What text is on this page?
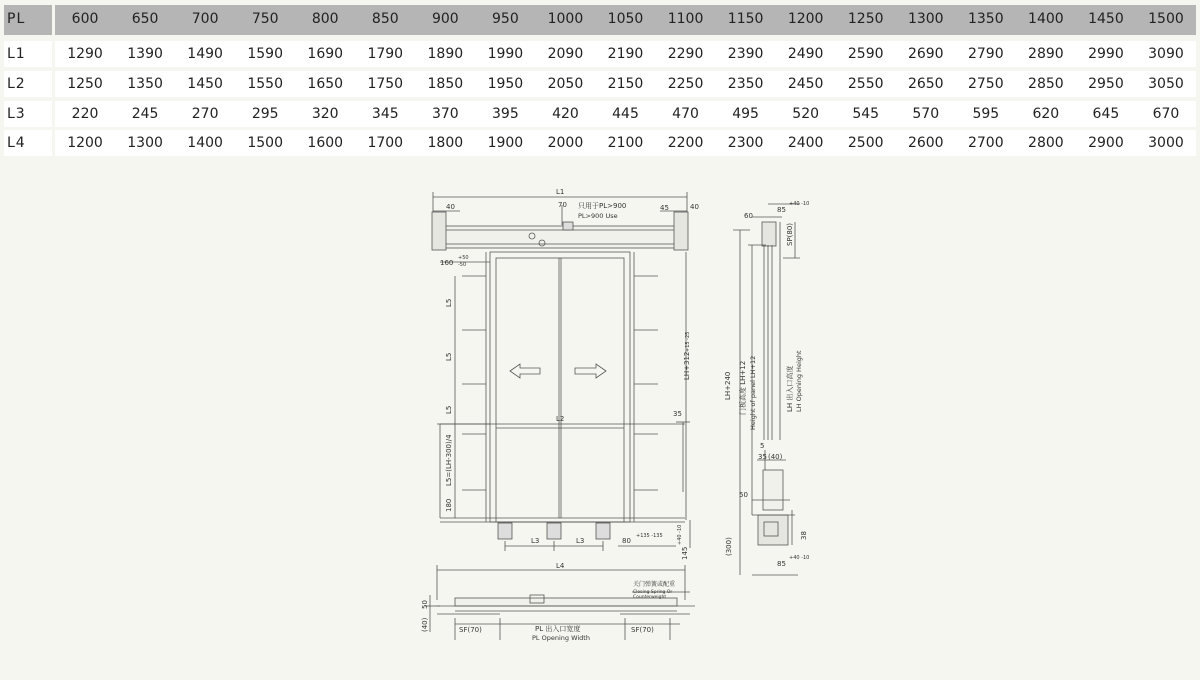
PL	600	650	700	750	800	850	900	950	1000	1050	1100	1150	1200	1250	1300	1350	1400	1450	1500
L1	1290	1390	1490	1590	1690	1790	1890	1990	2090	2190	2290	2390	2490	2590	2690	2790	2890	2990	3090
L2	1250	1350	1450	1550	1650	1750	1850	1950	2050	2150	2250	2350	2450	2550	2650	2750	2850	2950	3050
L3	220	245	270	295	320	345	370	395	420	445	470	495	520	545	570	595	620	645	670
L4	1200	1300	1400	1500	1600	1700	1800	1900	2000	2100	2200	2300	2400	2500	2600	2700	2800	2900	3000
L1
40	70 只用于PL>900
PL>900 Use
45	40
160
+50
-50
L5
L5
L5
L5=(LH-300)/4
180
L2
35
LH+312
+15 -25
L3	L3	80
+135 -135
145
+40 -10
60
85
+40 -10
SP(80)
LH+240 门板高度 LH+12 Height of panel LH+12	LH 出入口高度 LH Opening Height
35 (40)
5
50
38
(300)
85
+40 -10
L4
关门弹簧或配重
Closing Spring Or
Counterweight
50
(40)	SF(70)	SF(70)
PL 出入口宽度
PL Opening Width
